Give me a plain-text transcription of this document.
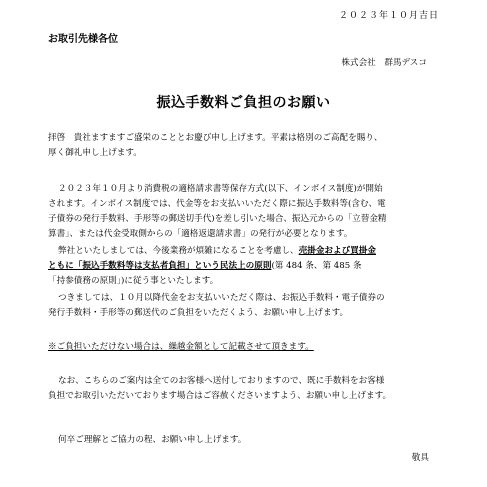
２０２３年１０月吉日
お取引先様各位
株式会社　群馬デスコ
振込手数料ご負担のお願い
拝啓　貴社ますますご盛栄のこととお慶び申し上げます。平素は格別のご高配を賜り、
厚く御礼申し上げます。
２０２３年１０月より消費税の適格請求書等保存方式(以下、インボイス制度)が開始
されます。インボイス制度では、代金等をお支払いいただく際に振込手数料等(含む、電
子債券の発行手数料、手形等の郵送切手代)を差し引いた場合、振込元からの「立替金精
算書」、または代金受取側からの「適格返還請求書」の発行が必要となります。
弊社といたしましては、今後業務が煩雑になることを考慮し、売掛金および買掛金
ともに「振込手数料等は支払者負担」という民法上の原則(第 484 条、第 485 条
「持参債務の原則」)に従う事といたします。
つきましては、１０月以降代金をお支払いいただく際は、お振込手数料・電子債券の
発行手数料・手形等の郵送代のご負担をいただくよう、お願い申し上げます。
※ご負担いただけない場合は、繰越金額として記載させて頂きます。
なお、こちらのご案内は全てのお客様へ送付しておりますので、既に手数料をお客様
負担でお取引いただいております場合はご容赦くださいますよう、お願い申し上げます。
何卒ご理解とご協力の程、お願い申し上げます。
敬具
